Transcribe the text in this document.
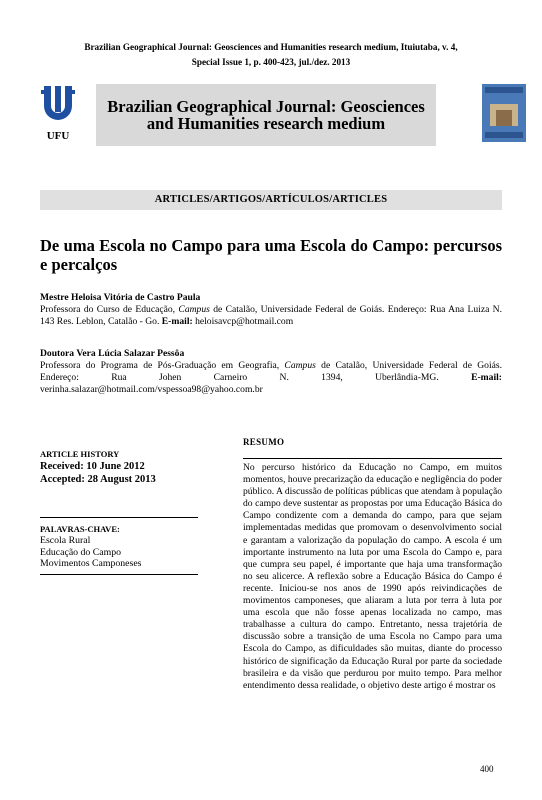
Brazilian Geographical Journal: Geosciences and Humanities research medium, Ituiutaba, v. 4,
Special Issue 1, p. 400-423, jul./dez. 2013
UFU
Brazilian Geographical Journal: Geosciences and Humanities research medium
ARTICLES/ARTIGOS/ARTÍCULOS/ARTICLES
De uma Escola no Campo para uma Escola do Campo: percursos e percalços
Mestre Heloisa Vitória de Castro Paula
Professora do Curso de Educação, Campus de Catalão, Universidade Federal de Goiás. Endereço: Rua Ana Luiza N. 143 Res. Leblon, Catalão - Go. E-mail: heloisavcp@hotmail.com
Doutora Vera Lúcia Salazar Pessôa
Professora do Programa de Pós-Graduação em Geografia, Campus de Catalão, Universidade Federal de Goiás. Endereço: Rua Johen Carneiro N. 1394, Uberlândia-MG. E-mail: verinha.salazar@hotmail.com/vspessoa98@yahoo.com.br
ARTICLE HISTORY
Received: 10 June 2012
Accepted: 28 August 2013
PALAVRAS-CHAVE:
Escola Rural
Educação do Campo
Movimentos Camponeses
RESUMO
No percurso histórico da Educação no Campo, em muitos momentos, houve precarização da educação e negligência do poder público. A discussão de políticas públicas que atendam à população do campo deve sustentar as propostas por uma Educação Básica do Campo condizente com a demanda do campo, para que sejam implementadas medidas que promovam o desenvolvimento social e garantam a valorização da população do campo. A escola é um importante instrumento na luta por uma Escola do Campo e, para que cumpra seu papel, é importante que haja uma transformação no seu alicerce. A reflexão sobre a Educação Básica do Campo é recente. Iniciou-se nos anos de 1990 após reivindicações de movimentos camponeses, que aliaram a luta por terra à luta por uma escola que não fosse apenas localizada no campo, mas trabalhasse a cultura do campo. Entretanto, nessa trajetória de discussão sobre a transição de uma Escola no Campo para uma Escola do Campo, as dificuldades são muitas, diante do processo histórico de significação da Educação Rural por parte da sociedade brasileira e da visão que perdurou por muito tempo. Para melhor entendimento dessa realidade, o objetivo deste artigo é mostrar os
400
